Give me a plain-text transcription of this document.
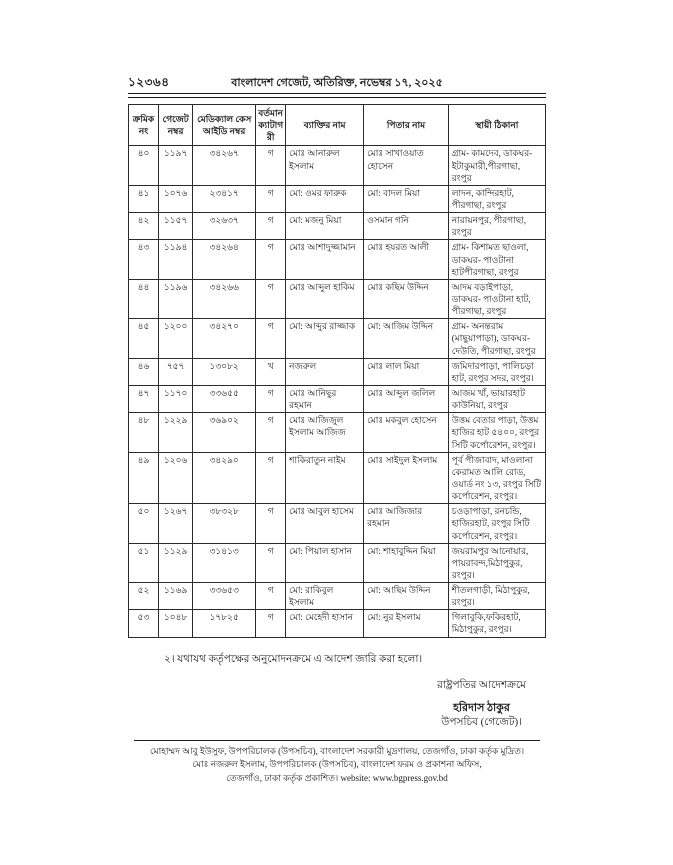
১২৩৬৪	বাংলাদেশ গেজেট, অতিরিক্ত, নভেম্বর ১৭, ২০২৫
ক্রমিক নং	গেজেট নম্বর	মেডিক্যাল কেস আইডি নম্বর	বর্তমান ক্যাটাগরী	ব্যাক্তির নাম	পিতার নাম	স্থায়ী ঠিকানা
৪০	১১৯৭	৩৪২৬৭	গ	মোঃ আনারুল ইসলাম	মোঃ সাখাওয়াত হোসেন	গ্রাম- কামদেব, ডাকঘর- ইটাকুমারী,পীরগাছা, রংপুর
৪১	১০৭৬	২৩৪১৭	গ	মো: ওমর ফারুক	মো: বাদল মিয়া	লাদন, কান্দিরহাট, পীরগাছা, রংপুর
৪২	১১৫৭	৩২৬৩৭	গ	মো: মজনু মিয়া	ওসমান গনি	নারায়নপুর, পীরগাছা, রংপুর
৪৩	১১৯৪	৩৪২৬৪	গ	মোঃ আশাদুজ্জামান	মোঃ হযরত আলী	গ্রাম- কিশামত ছাওলা, ডাকঘর- পাওটানা হাটপীরগাছা, রংপুর
৪৪	১১৯৬	৩৪২৬৬	গ	মোঃ আব্দুল হাকিম	মোঃ কছিম উদ্দিন	আদম বড়াইপাড়া, ডাকঘর- পাওটানা হাট, পীরগাছা, রংপুর
৪৫	১২০০	৩৪২৭০	গ	মো: আব্দুর রাজ্জাক	মো: আজিম উদ্দিন	গ্রাম- অনন্তরাম (মাছুয়াপাড়া), ডাকঘর- দেউতি, পীরগাছা, রংপুর
৪৬	৭৫৭	১৩০৮২	খ	নজরুল	মোঃ লাল মিয়া	জমিদারপাড়া, পালিচড়া হাট, রংপুর সদর, রংপুর।
৪৭	১১৭০	৩৩৬৫৫	গ	মোঃ আনিছুর রহমান	মোঃ আব্দুল জলিল	আজম খাঁ, ভায়ারহাট কাউনিয়া, রংপুর
৪৮	১২২৯	৩৬৯০২	গ	মোঃ আজিজুল ইসলাম আজিজ	মোঃ মকবুল হোসেন	উত্তম বেতার পাড়া, উত্তম হাজির হাট ৫৪০০, রংপুর সিটি কর্পোরেশন, রংপুর।
৪৯	১২০৬	৩৪২৯০	গ	শাকিরাতুন নাইম	মোঃ সাইদুল ইসলাম	পূর্ব পীজাবাদ, মাওলানা কেরামত আলি রোড, ওয়ার্ড নং ১৩, রংপুর সিটি কর্পোরেশন, রংপুর।
৫০	১২৬৭	৩৮৩২৮	গ	মোঃ আবুল হাসেম	মোঃ আজিজার রহমান	চওড়াপাড়া, রনচন্ডি, হাজিরহাট, রংপুর সিটি কর্পোরেশন, রংপুর।
৫১	১১২৯	৩১৪১৩	গ	মো: পিয়াল হাসান	মো: শাহাবুদ্দিন মিয়া	জয়রামপুর আনোয়ার, পায়রাবন্দ,মিঠাপুকুর, রংপুর।
৫২	১১৬৯	৩৩৬৫৩	গ	মো: রাকিবুল ইসলাম	মো: আছিম উদ্দিন	শীতলগাড়ী, মিঠাপুকুর, রংপুর।
৫৩	১০৪৮	১৭৮২৫	গ	মো: মেহেদী হাসান	মো: নুর ইসলাম	গিলাবুকি,ফকিরহাট, মিঠাপুকুর, রংপুর।
২। যথাযথ কর্তৃপক্ষের অনুমোদনক্রমে এ আদেশ জারি করা হলো।
রাষ্ট্রপতির আদেশক্রমে
হরিদাস ঠাকুর
উপসচিব (গেজেট)।
মোহাম্মদ আবু ইউসুফ, উপপরিচালক (উপসচিব), বাংলাদেশ সরকারী মুদ্রণালয়, তেজগাঁও, ঢাকা কর্তৃক মুদ্রিত।
মোঃ নজরুল ইসলাম, উপপরিচালক (উপসচিব), বাংলাদেশ ফরম ও প্রকাশনা অফিস,
তেজগাঁও, ঢাকা কর্তৃক প্রকাশিত। website: www.bgpress.gov.bd
